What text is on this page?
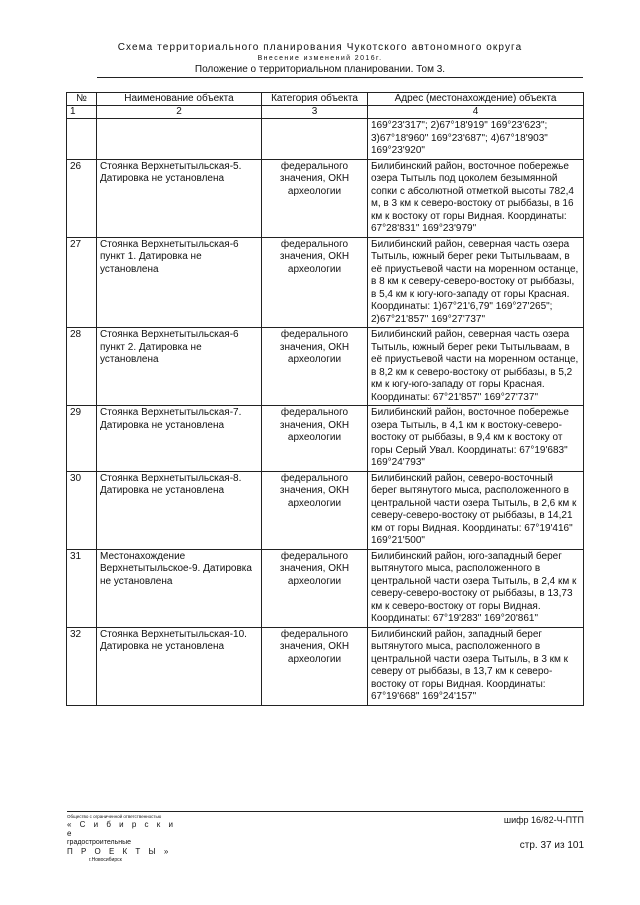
Схема территориального планирования Чукотского автономного округа
Внесение изменений 2016г.
Положение о территориальном планировании. Том 3.
№	Наименование объекта	Категория объекта	Адрес (местонахождение) объекта
1	2	3	4
			169°23'317"; 2)67°18'919" 169°23'623"; 3)67°18'960" 169°23'687"; 4)67°18'903" 169°23'920"
26	Стоянка Верхнетытыльская-5. Датировка не установлена	федерального значения, ОКН археологии	Билибинский район, восточное побережье озера Тытыль под цоколем безымянной сопки с абсолютной отметкой высоты 782,4 м, в 3 км к северо-востоку от рыббазы, в 16 км к востоку от горы Видная. Координаты: 67°28'831" 169°23'979"
27	Стоянка Верхнетытыльская-6 пункт 1. Датировка не установлена	федерального значения, ОКН археологии	Билибинский район, северная часть озера Тытыль, южный берег реки Тытыльваам, в её приустьевой части на моренном останце, в 8 км к северу-северо-востоку от рыббазы, в 5,4 км к югу-юго-западу от горы Красная. Координаты: 1)67°21'6,79" 169°27'265"; 2)67°21'857" 169°27'737"
28	Стоянка Верхнетытыльская-6 пункт 2. Датировка не установлена	федерального значения, ОКН археологии	Билибинский район, северная часть озера Тытыль, южный берег реки Тытыльваам, в её приустьевой части на моренном останце, в 8,2 км к северо-востоку от рыббазы, в 5,2 км к югу-юго-западу от горы Красная. Координаты: 67°21'857" 169°27'737"
29	Стоянка Верхнетытыльская-7. Датировка не установлена	федерального значения, ОКН археологии	Билибинский район, восточное побережье озера Тытыль, в 4,1 км к востоку-северо-востоку от рыббазы, в 9,4 км к востоку от горы Серый Увал. Координаты: 67°19'683" 169°24'793"
30	Стоянка Верхнетытыльская-8. Датировка не установлена	федерального значения, ОКН археологии	Билибинский район, северо-восточный берег вытянутого мыса, расположенного в центральной части озера Тытыль, в 2,6 км к северу-северо-востоку от рыббазы, в 14,21 км от горы Видная. Координаты: 67°19'416" 169°21'500"
31	Местонахождение Верхнетытыльское-9. Датировка не установлена	федерального значения, ОКН археологии	Билибинский район, юго-западный берег вытянутого мыса, расположенного в центральной части озера Тытыль, в 2,4 км к северу-северо-востоку от рыббазы, в 13,73 км к северо-востоку от горы Видная. Координаты: 67°19'283" 169°20'861"
32	Стоянка Верхнетытыльская-10. Датировка не установлена	федерального значения, ОКН археологии	Билибинский район, западный берег вытянутого мыса, расположенного в центральной части озера Тытыль, в 3 км к северу от рыббазы, в 13,7 км к северо-востоку от горы Видная. Координаты: 67°19'668" 169°24'157"
Общество с ограниченной ответственностью
« С и б и р с к и е
градостроительные
П Р О Е К Т Ы »
г.Новосибирск
шифр 16/82-Ч-ПТП
стр. 37 из 101
